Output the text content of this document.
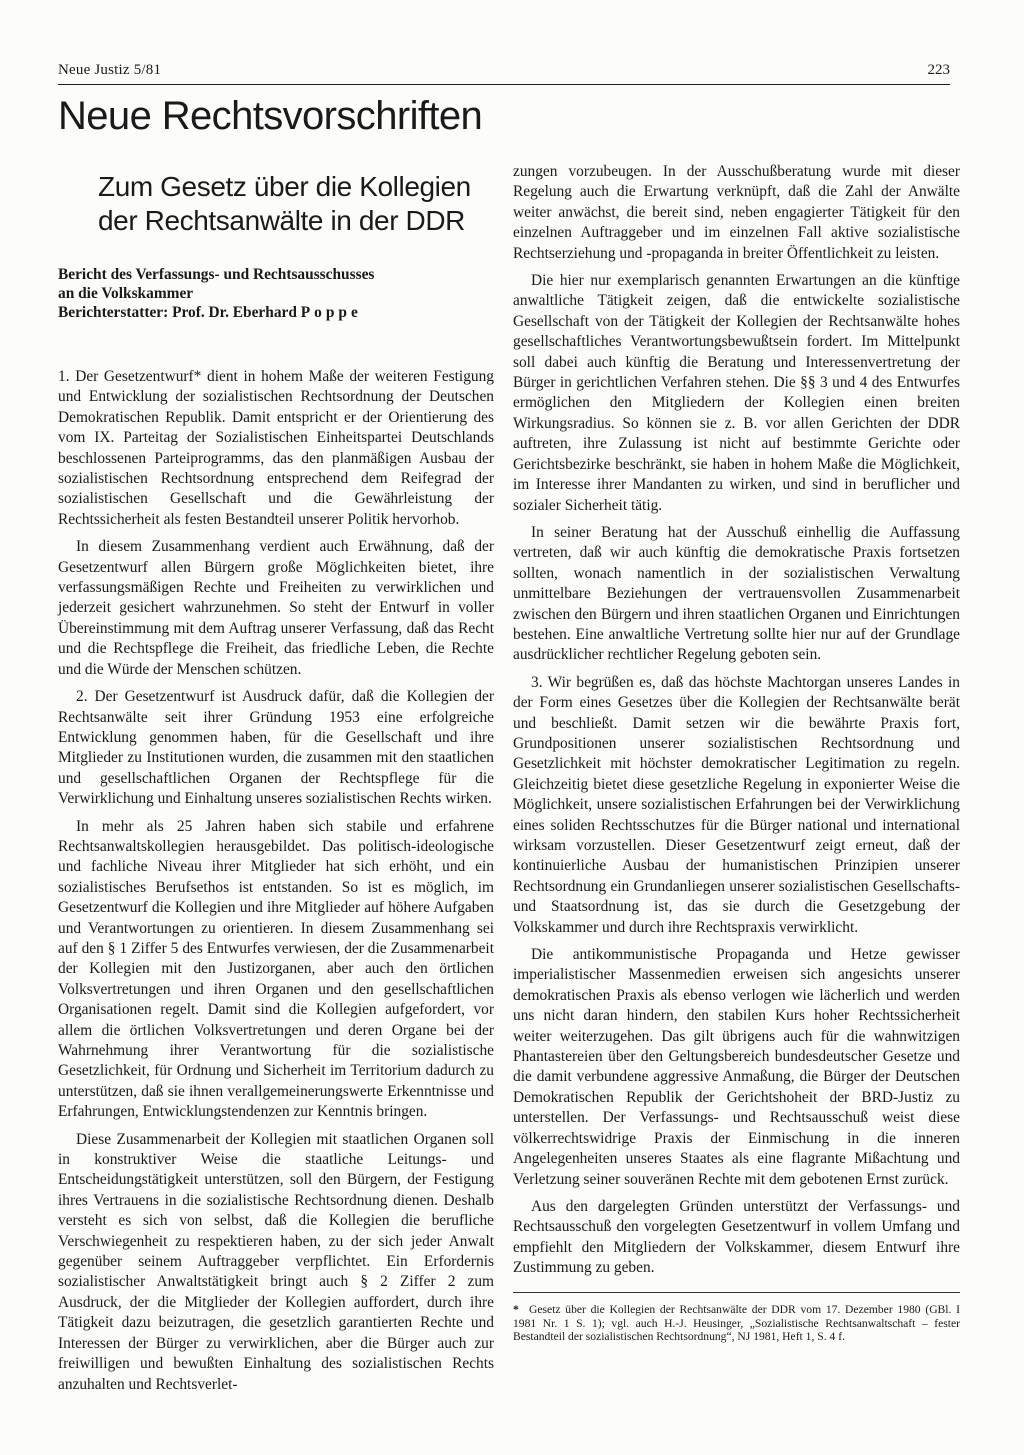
Neue Justiz 5/81	223
Neue Rechtsvorschriften
Zum Gesetz über die Kollegien
der Rechtsanwälte in der DDR
Bericht des Verfassungs- und Rechtsausschusses
an die Volkskammer
Berichterstatter: Prof. Dr. Eberhard Poppe

1. Der Gesetzentwurf* dient in hohem Maße der weiteren Festigung und Entwicklung der sozialistischen Rechtsordnung der Deutschen Demokratischen Republik. Damit entspricht er der Orientierung des vom IX. Parteitag der Sozialistischen Einheitspartei Deutschlands beschlossenen Parteiprogramms, das den planmäßigen Ausbau der sozialistischen Rechtsordnung entsprechend dem Reifegrad der sozialistischen Gesellschaft und die Gewährleistung der Rechtssicherheit als festen Bestandteil unserer Politik hervorhob.

In diesem Zusammenhang verdient auch Erwähnung, daß der Gesetzentwurf allen Bürgern große Möglichkeiten bietet, ihre verfassungsmäßigen Rechte und Freiheiten zu verwirklichen und jederzeit gesichert wahrzunehmen. So steht der Entwurf in voller Übereinstimmung mit dem Auftrag unserer Verfassung, daß das Recht und die Rechtspflege die Freiheit, das friedliche Leben, die Rechte und die Würde der Menschen schützen.

2. Der Gesetzentwurf ist Ausdruck dafür, daß die Kollegien der Rechtsanwälte seit ihrer Gründung 1953 eine erfolgreiche Entwicklung genommen haben, für die Gesellschaft und ihre Mitglieder zu Institutionen wurden, die zusammen mit den staatlichen und gesellschaftlichen Organen der Rechtspflege für die Verwirklichung und Einhaltung unseres sozialistischen Rechts wirken.

In mehr als 25 Jahren haben sich stabile und erfahrene Rechtsanwaltskollegien herausgebildet. Das politisch-ideologische und fachliche Niveau ihrer Mitglieder hat sich erhöht, und ein sozialistisches Berufsethos ist entstanden. So ist es möglich, im Gesetzentwurf die Kollegien und ihre Mitglieder auf höhere Aufgaben und Verantwortungen zu orientieren. In diesem Zusammenhang sei auf den § 1 Ziffer 5 des Entwurfes verwiesen, der die Zusammenarbeit der Kollegien mit den Justizorganen, aber auch den örtlichen Volksvertretungen und ihren Organen und den gesellschaftlichen Organisationen regelt. Damit sind die Kollegien aufgefordert, vor allem die örtlichen Volksvertretungen und deren Organe bei der Wahrnehmung ihrer Verantwortung für die sozialistische Gesetzlichkeit, für Ordnung und Sicherheit im Territorium dadurch zu unterstützen, daß sie ihnen verallgemeinerungswerte Erkenntnisse und Erfahrungen, Entwicklungstendenzen zur Kenntnis bringen.

Diese Zusammenarbeit der Kollegien mit staatlichen Organen soll in konstruktiver Weise die staatliche Leitungs- und Entscheidungstätigkeit unterstützen, soll den Bürgern, der Festigung ihres Vertrauens in die sozialistische Rechtsordnung dienen. Deshalb versteht es sich von selbst, daß die Kollegien die berufliche Verschwiegenheit zu respektieren haben, zu der sich jeder Anwalt gegenüber seinem Auftraggeber verpflichtet. Ein Erfordernis sozialistischer Anwaltstätigkeit bringt auch § 2 Ziffer 2 zum Ausdruck, der die Mitglieder der Kollegien auffordert, durch ihre Tätigkeit dazu beizutragen, die gesetzlich garantierten Rechte und Interessen der Bürger zu verwirklichen, aber die Bürger auch zur freiwilligen und bewußten Einhaltung des sozialistischen Rechts anzuhalten und Rechtsverlet-

zungen vorzubeugen. In der Ausschußberatung wurde mit dieser Regelung auch die Erwartung verknüpft, daß die Zahl der Anwälte weiter anwächst, die bereit sind, neben engagierter Tätigkeit für den einzelnen Auftraggeber und im einzelnen Fall aktive sozialistische Rechtserziehung und -propaganda in breiter Öffentlichkeit zu leisten.

Die hier nur exemplarisch genannten Erwartungen an die künftige anwaltliche Tätigkeit zeigen, daß die entwickelte sozialistische Gesellschaft von der Tätigkeit der Kollegien der Rechtsanwälte hohes gesellschaftliches Verantwortungsbewußtsein fordert. Im Mittelpunkt soll dabei auch künftig die Beratung und Interessenvertretung der Bürger in gerichtlichen Verfahren stehen. Die §§ 3 und 4 des Entwurfes ermöglichen den Mitgliedern der Kollegien einen breiten Wirkungsradius. So können sie z. B. vor allen Gerichten der DDR auftreten, ihre Zulassung ist nicht auf bestimmte Gerichte oder Gerichtsbezirke beschränkt, sie haben in hohem Maße die Möglichkeit, im Interesse ihrer Mandanten zu wirken, und sind in beruflicher und sozialer Sicherheit tätig.

In seiner Beratung hat der Ausschuß einhellig die Auffassung vertreten, daß wir auch künftig die demokratische Praxis fortsetzen sollten, wonach namentlich in der sozialistischen Verwaltung unmittelbare Beziehungen der vertrauensvollen Zusammenarbeit zwischen den Bürgern und ihren staatlichen Organen und Einrichtungen bestehen. Eine anwaltliche Vertretung sollte hier nur auf der Grundlage ausdrücklicher rechtlicher Regelung geboten sein.

3. Wir begrüßen es, daß das höchste Machtorgan unseres Landes in der Form eines Gesetzes über die Kollegien der Rechtsanwälte berät und beschließt. Damit setzen wir die bewährte Praxis fort, Grundpositionen unserer sozialistischen Rechtsordnung und Gesetzlichkeit mit höchster demokratischer Legitimation zu regeln. Gleichzeitig bietet diese gesetzliche Regelung in exponierter Weise die Möglichkeit, unsere sozialistischen Erfahrungen bei der Verwirklichung eines soliden Rechtsschutzes für die Bürger national und international wirksam vorzustellen. Dieser Gesetzentwurf zeigt erneut, daß der kontinuierliche Ausbau der humanistischen Prinzipien unserer Rechtsordnung ein Grundanliegen unserer sozialistischen Gesellschafts- und Staatsordnung ist, das sie durch die Gesetzgebung der Volkskammer und durch ihre Rechtspraxis verwirklicht.

Die antikommunistische Propaganda und Hetze gewisser imperialistischer Massenmedien erweisen sich angesichts unserer demokratischen Praxis als ebenso verlogen wie lächerlich und werden uns nicht daran hindern, den stabilen Kurs hoher Rechtssicherheit weiter weiterzugehen. Das gilt übrigens auch für die wahnwitzigen Phantastereien über den Geltungsbereich bundesdeutscher Gesetze und die damit verbundene aggressive Anmaßung, die Bürger der Deutschen Demokratischen Republik der Gerichtshoheit der BRD-Justiz zu unterstellen. Der Verfassungs- und Rechtsausschuß weist diese völkerrechtswidrige Praxis der Einmischung in die inneren Angelegenheiten unseres Staates als eine flagrante Mißachtung und Verletzung seiner souveränen Rechte mit dem gebotenen Ernst zurück.

Aus den dargelegten Gründen unterstützt der Verfassungs- und Rechtsausschuß den vorgelegten Gesetzentwurf in vollem Umfang und empfiehlt den Mitgliedern der Volkskammer, diesem Entwurf ihre Zustimmung zu geben.

* Gesetz über die Kollegien der Rechtsanwälte der DDR vom 17. Dezember 1980 (GBl. I 1981 Nr. 1 S. 1); vgl. auch H.-J. Heusinger, „Sozialistische Rechtsanwaltschaft – fester Bestandteil der sozialistischen Rechtsordnung“, NJ 1981, Heft 1, S. 4 f.
